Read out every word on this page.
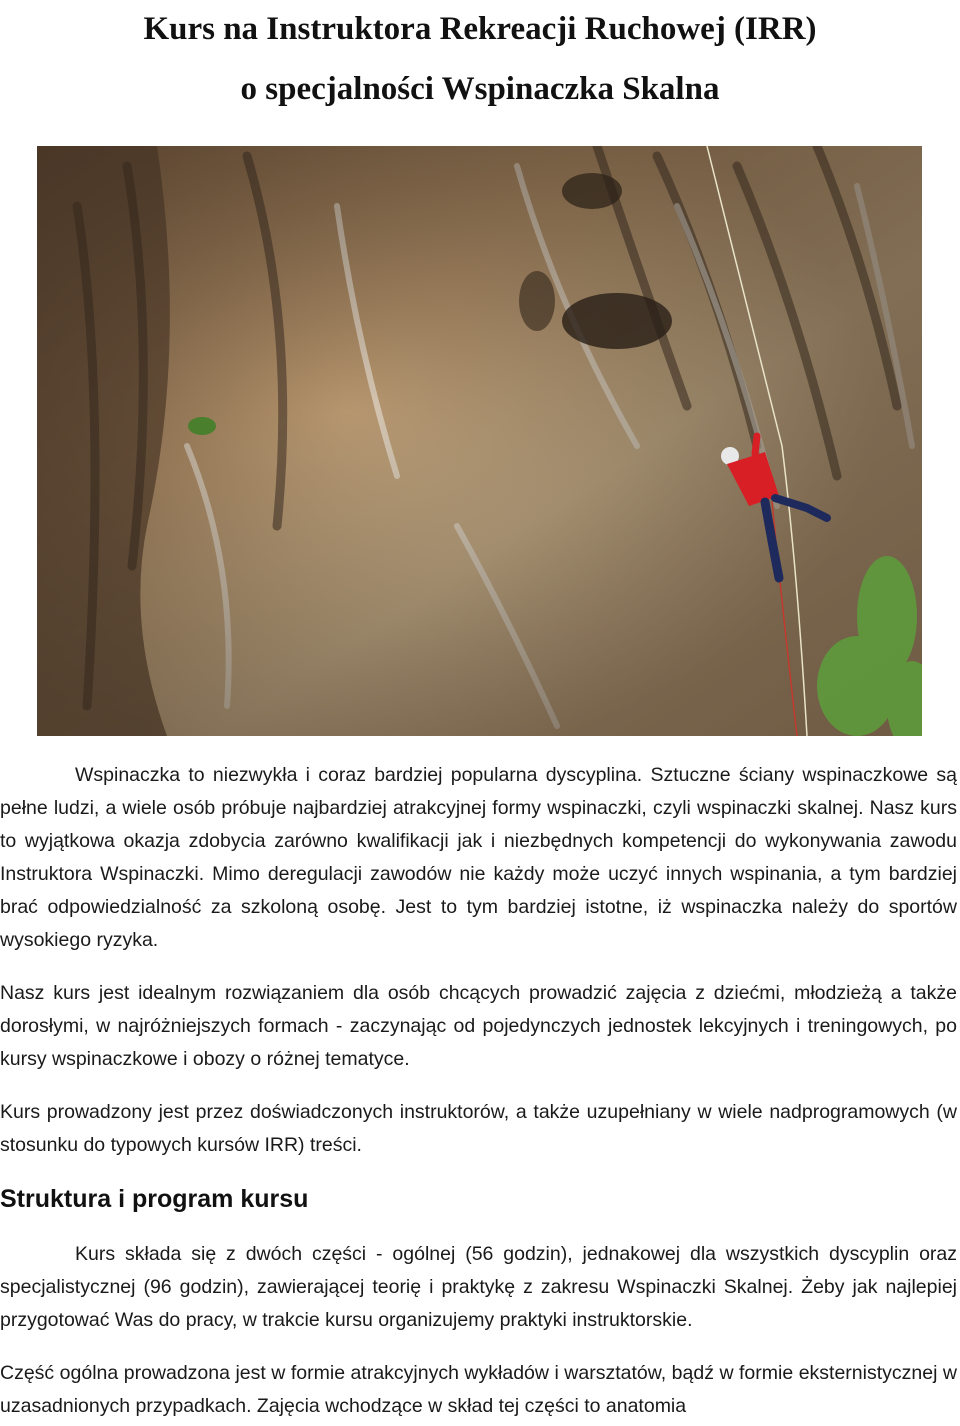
Kurs na Instruktora Rekreacji Ruchowej (IRR)
o specjalności Wspinaczka Skalna

Wspinaczka to niezwykła i coraz bardziej popularna dyscyplina. Sztuczne ściany wspinaczkowe są pełne ludzi, a wiele osób próbuje najbardziej atrakcyjnej formy wspinaczki, czyli wspinaczki skalnej. Nasz kurs to wyjątkowa okazja zdobycia zarówno kwalifikacji jak i niezbędnych kompetencji do wykonywania zawodu Instruktora Wspinaczki. Mimo deregulacji zawodów nie każdy może uczyć innych wspinania, a tym bardziej brać odpowiedzialność za szkoloną osobę. Jest to tym bardziej istotne, iż wspinaczka należy do sportów wysokiego ryzyka.

Nasz kurs jest idealnym rozwiązaniem dla osób chcących prowadzić zajęcia z dziećmi, młodzieżą a także dorosłymi, w najróżniejszych formach - zaczynając od pojedynczych jednostek lekcyjnych i treningowych, po kursy wspinaczkowe i obozy o różnej tematyce.

Kurs prowadzony jest przez doświadczonych instruktorów, a także uzupełniany w wiele nadprogramowych (w stosunku do typowych kursów IRR) treści.

Struktura i program kursu

Kurs składa się z dwóch części - ogólnej (56 godzin), jednakowej dla wszystkich dyscyplin oraz specjalistycznej (96 godzin), zawierającej teorię i praktykę z zakresu Wspinaczki Skalnej. Żeby jak najlepiej przygotować Was do pracy, w trakcie kursu organizujemy praktyki instruktorskie.

Część ogólna prowadzona jest w formie atrakcyjnych wykładów i warsztatów, bądź w formie eksternistycznej w uzasadnionych przypadkach. Zajęcia wchodzące w skład tej części to anatomia
